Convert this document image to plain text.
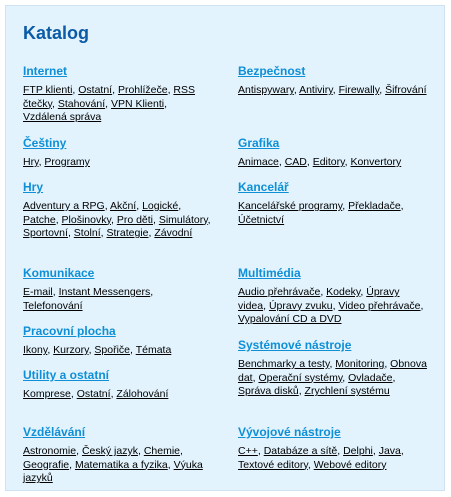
Katalog
Internet
FTP klienti, Ostatní, Prohlížeče, RSS čtečky, Stahování, VPN Klienti, Vzdálená správa
Češtiny
Hry, Programy
Hry
Adventury a RPG, Akční, Logické, Patche, Plošinovky, Pro děti, Simulátory, Sportovní, Stolní, Strategie, Závodní
Komunikace
E-mail, Instant Messengers, Telefonování
Pracovní plocha
Ikony, Kurzory, Spořiče, Témata
Utility a ostatní
Komprese, Ostatní, Zálohování
Vzdělávání
Astronomie, Český jazyk, Chemie, Geografie, Matematika a fyzika, Výuka jazyků
Bezpečnost
Antispywary, Antiviry, Firewally, Šifrování
Grafika
Animace, CAD, Editory, Konvertory
Kancelář
Kancelářské programy, Překladače, Účetnictví
Multimédia
Audio přehrávače, Kodeky, Úpravy videa, Úpravy zvuku, Video přehrávače, Vypalování CD a DVD
Systémové nástroje
Benchmarky a testy, Monitoring, Obnova dat, Operační systémy, Ovladače, Správa disků, Zrychlení systému
Vývojové nástroje
C++, Databáze a sítě, Delphi, Java, Textové editory, Webové editory
